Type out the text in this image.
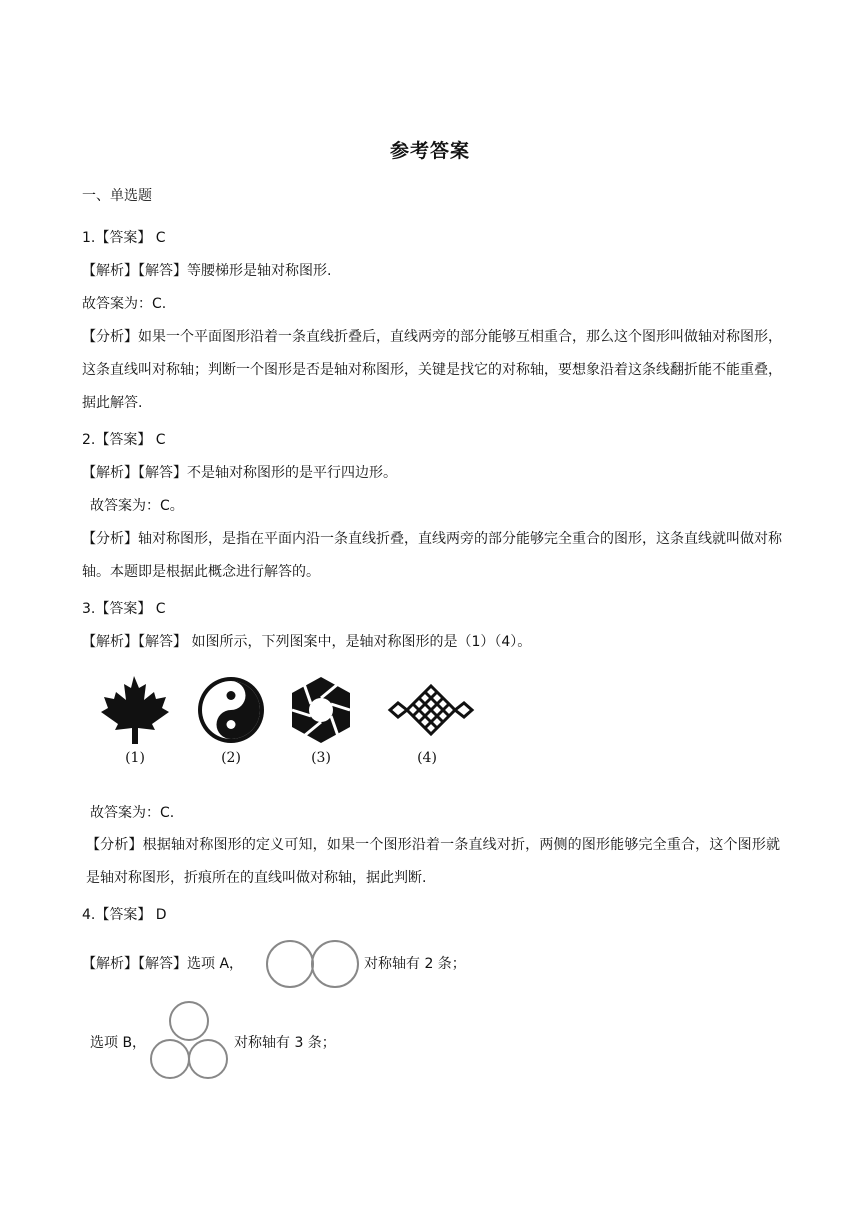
参考答案
一、单选题
1.【答案】 C
【解析】【解答】等腰梯形是轴对称图形.
故答案为：C.
【分析】如果一个平面图形沿着一条直线折叠后，直线两旁的部分能够互相重合，那么这个图形叫做轴对称图形，这条直线叫对称轴；判断一个图形是否是轴对称图形，关键是找它的对称轴，要想象沿着这条线翻折能不能重叠，据此解答.
2.【答案】 C
【解析】【解答】不是轴对称图形的是平行四边形。
故答案为：C。
【分析】轴对称图形，是指在平面内沿一条直线折叠，直线两旁的部分能够完全重合的图形，这条直线就叫做对称轴。本题即是根据此概念进行解答的。
3.【答案】 C
【解析】【解答】 如图所示，下列图案中，是轴对称图形的是（1）（4）。
(1)	(2)	(3)	(4)
故答案为：C.
【分析】根据轴对称图形的定义可知，如果一个图形沿着一条直线对折，两侧的图形能够完全重合，这个图形就是轴对称图形，折痕所在的直线叫做对称轴，据此判断.
4.【答案】 D
【解析】【解答】选项 A，	对称轴有 2 条；
选项 B，	对称轴有 3 条；
